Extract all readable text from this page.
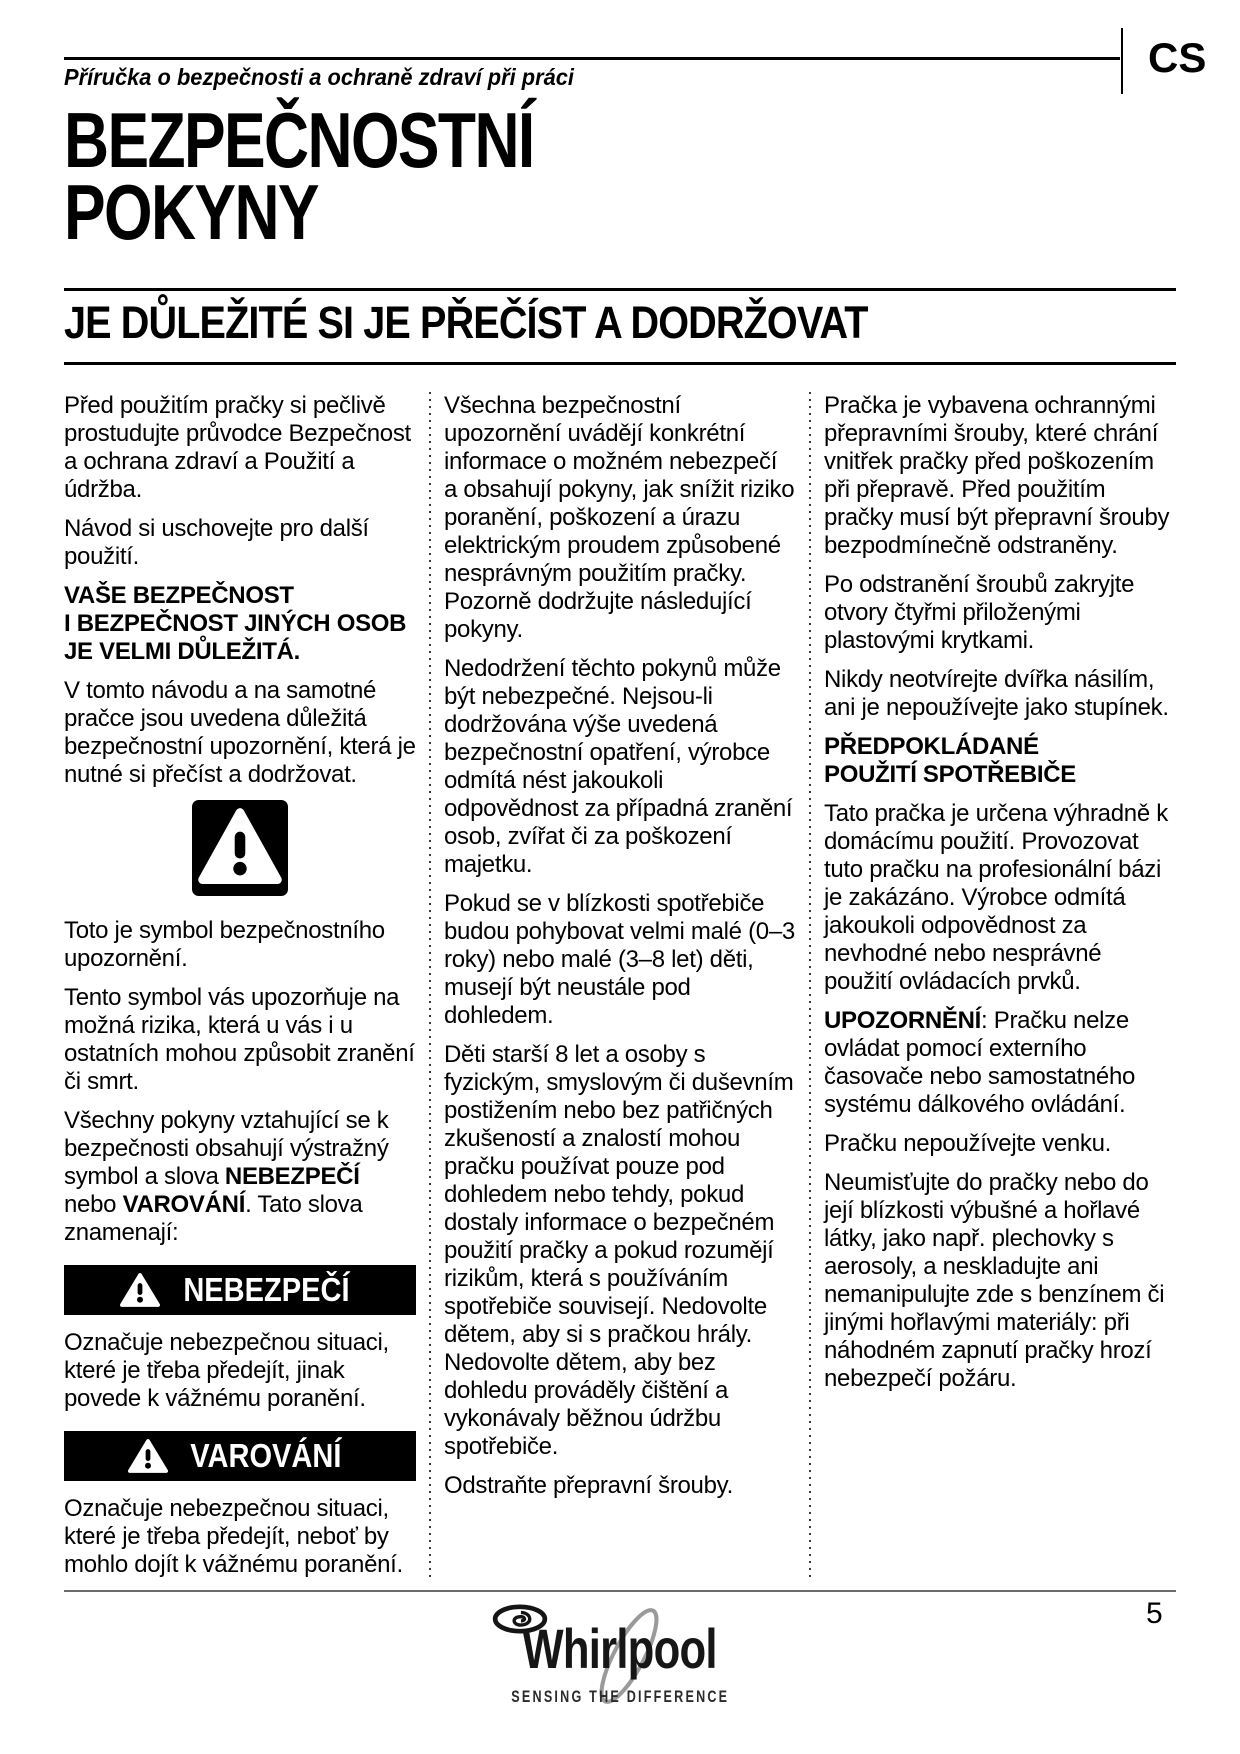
CS
Příručka o bezpečnosti a ochraně zdraví při práci
BEZPEČNOSTNÍ
POKYNY
JE DŮLEŽITÉ SI JE PŘEČÍST A DODRŽOVAT

Před použitím pračky si pečlivě prostudujte průvodce Bezpečnost a ochrana zdraví a Použití a údržba.

Návod si uschovejte pro další použití.

VAŠE BEZPEČNOST
I BEZPEČNOST JINÝCH OSOB
JE VELMI DŮLEŽITÁ.

V tomto návodu a na samotné pračce jsou uvedena důležitá bezpečnostní upozornění, která je nutné si přečíst a dodržovat.

Toto je symbol bezpečnostního upozornění.

Tento symbol vás upozorňuje na možná rizika, která u vás i u ostatních mohou způsobit zranění či smrt.

Všechny pokyny vztahující se k bezpečnosti obsahují výstražný symbol a slova NEBEZPEČÍ nebo VAROVÁNÍ. Tato slova znamenají:

NEBEZPEČÍ

Označuje nebezpečnou situaci, které je třeba předejít, jinak povede k vážnému poranění.

VAROVÁNÍ

Označuje nebezpečnou situaci, které je třeba předejít, neboť by mohlo dojít k vážnému poranění.

Všechna bezpečnostní upozornění uvádějí konkrétní informace o možném nebezpečí a obsahují pokyny, jak snížit riziko poranění, poškození a úrazu elektrickým proudem způsobené nesprávným použitím pračky. Pozorně dodržujte následující pokyny.

Nedodržení těchto pokynů může být nebezpečné. Nejsou-li dodržována výše uvedená bezpečnostní opatření, výrobce odmítá nést jakoukoli odpovědnost za případná zranění osob, zvířat či za poškození majetku.

Pokud se v blízkosti spotřebiče budou pohybovat velmi malé (0–3 roky) nebo malé (3–8 let) děti, musejí být neustále pod dohledem.

Děti starší 8 let a osoby s fyzickým, smyslovým či duševním postižením nebo bez patřičných zkušeností a znalostí mohou pračku používat pouze pod dohledem nebo tehdy, pokud dostaly informace o bezpečném použití pračky a pokud rozumějí rizikům, která s používáním spotřebiče souvisejí. Nedovolte dětem, aby si s pračkou hrály. Nedovolte dětem, aby bez dohledu prováděly čištění a vykonávaly běžnou údržbu spotřebiče.

Odstraňte přepravní šrouby.

Pračka je vybavena ochrannými přepravními šrouby, které chrání vnitřek pračky před poškozením při přepravě. Před použitím pračky musí být přepravní šrouby bezpodmínečně odstraněny.

Po odstranění šroubů zakryjte otvory čtyřmi přiloženými plastovými krytkami.

Nikdy neotvírejte dvířka násilím, ani je nepoužívejte jako stupínek.

PŘEDPOKLÁDANÉ
POUŽITÍ SPOTŘEBIČE

Tato pračka je určena výhradně k domácímu použití. Provozovat tuto pračku na profesionální bázi je zakázáno. Výrobce odmítá jakoukoli odpovědnost za nevhodné nebo nesprávné použití ovládacích prvků.

UPOZORNĚNÍ: Pračku nelze ovládat pomocí externího časovače nebo samostatného systému dálkového ovládání.

Pračku nepoužívejte venku.

Neumisťujte do pračky nebo do její blízkosti výbušné a hořlavé látky, jako např. plechovky s aerosoly, a neskladujte ani nemanipulujte zde s benzínem či jinými hořlavými materiály: při náhodném zapnutí pračky hrozí nebezpečí požáru.

5
Whirlpool
SENSING THE DIFFERENCE
